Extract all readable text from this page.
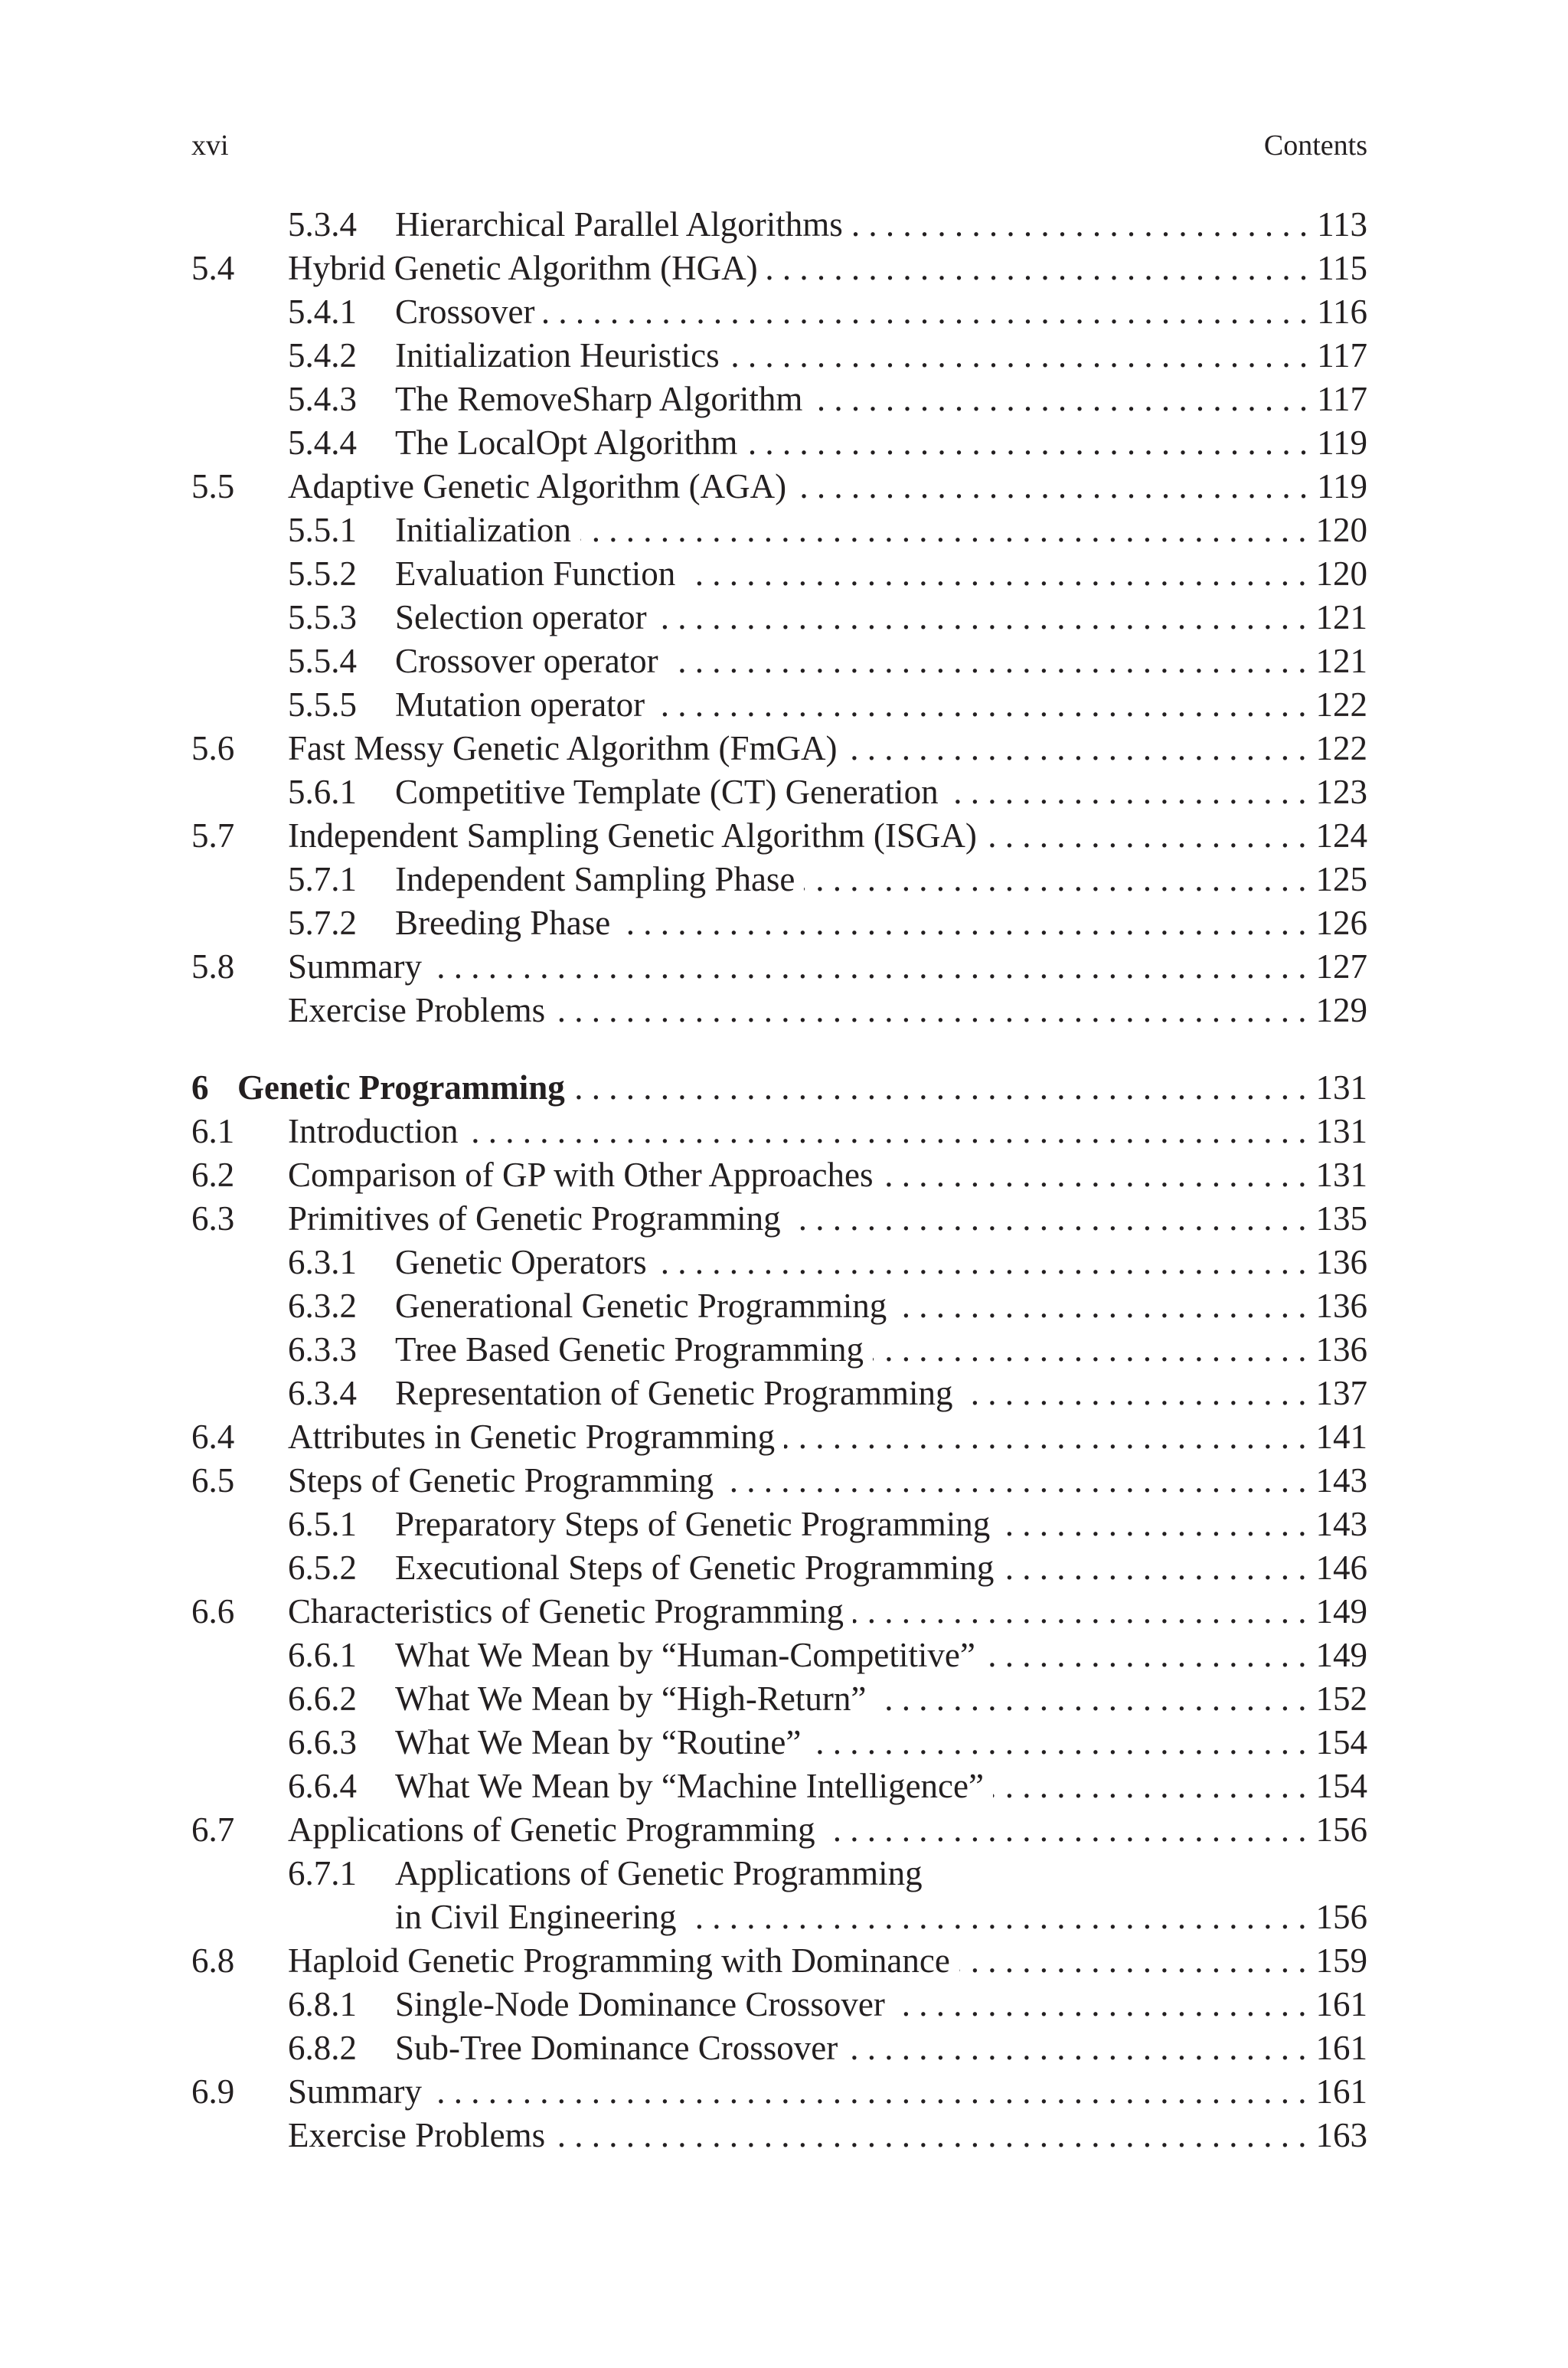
xvi	Contents
5.3.4 Hierarchical Parallel Algorithms . . .	113
5.4 Hybrid Genetic Algorithm (HGA) . . .	115
5.4.1 Crossover . . .	116
5.4.2 Initialization Heuristics . . .	117
5.4.3 The RemoveSharp Algorithm . . .	117
5.4.4 The LocalOpt Algorithm . . .	119
5.5 Adaptive Genetic Algorithm (AGA) . . .	119
5.5.1 Initialization . . .	120
5.5.2 Evaluation Function . . .	120
5.5.3 Selection operator . . .	121
5.5.4 Crossover operator . . .	121
5.5.5 Mutation operator . . .	122
5.6 Fast Messy Genetic Algorithm (FmGA) . . .	122
5.6.1 Competitive Template (CT) Generation . . .	123
5.7 Independent Sampling Genetic Algorithm (ISGA) . . .	124
5.7.1 Independent Sampling Phase . . .	125
5.7.2 Breeding Phase . . .	126
5.8 Summary . . .	127
Exercise Problems . . .	129
6 Genetic Programming . . .	131
6.1 Introduction . . .	131
6.2 Comparison of GP with Other Approaches . . .	131
6.3 Primitives of Genetic Programming . . .	135
6.3.1 Genetic Operators . . .	136
6.3.2 Generational Genetic Programming . . .	136
6.3.3 Tree Based Genetic Programming . . .	136
6.3.4 Representation of Genetic Programming . . .	137
6.4 Attributes in Genetic Programming . . .	141
6.5 Steps of Genetic Programming . . .	143
6.5.1 Preparatory Steps of Genetic Programming . . .	143
6.5.2 Executional Steps of Genetic Programming . . .	146
6.6 Characteristics of Genetic Programming . . .	149
6.6.1 What We Mean by “Human-Competitive” . . .	149
6.6.2 What We Mean by “High-Return” . . .	152
6.6.3 What We Mean by “Routine” . . .	154
6.6.4 What We Mean by “Machine Intelligence” . . .	154
6.7 Applications of Genetic Programming . . .	156
6.7.1 Applications of Genetic Programming
in Civil Engineering . . .	156
6.8 Haploid Genetic Programming with Dominance . . .	159
6.8.1 Single-Node Dominance Crossover . . .	161
6.8.2 Sub-Tree Dominance Crossover . . .	161
6.9 Summary . . .	161
Exercise Problems . . .	163
